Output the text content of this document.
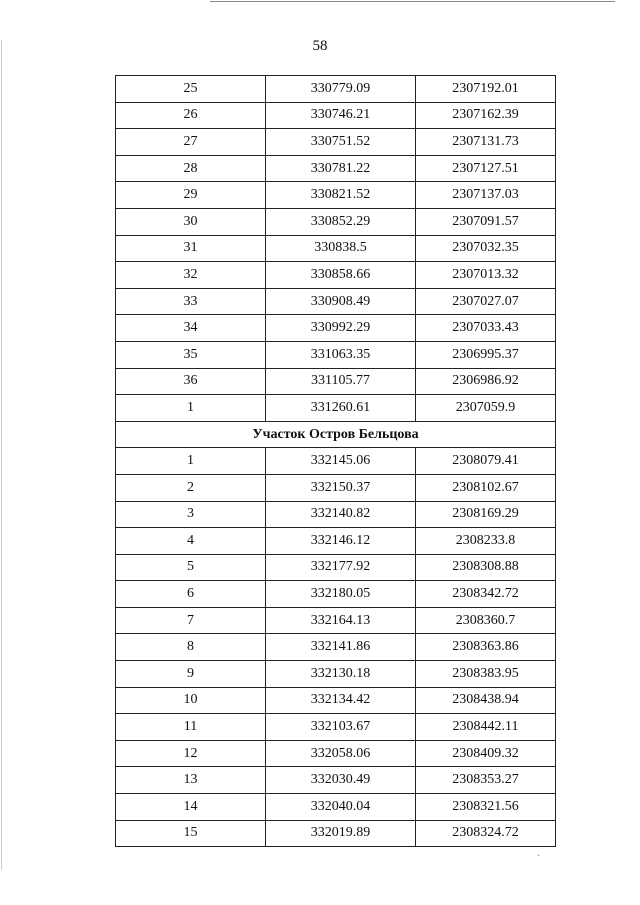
58
25	330779.09	2307192.01
26	330746.21	2307162.39
27	330751.52	2307131.73
28	330781.22	2307127.51
29	330821.52	2307137.03
30	330852.29	2307091.57
31	330838.5	2307032.35
32	330858.66	2307013.32
33	330908.49	2307027.07
34	330992.29	2307033.43
35	331063.35	2306995.37
36	331105.77	2306986.92
1	331260.61	2307059.9
Участок Остров Бельцова		
1	332145.06	2308079.41
2	332150.37	2308102.67
3	332140.82	2308169.29
4	332146.12	2308233.8
5	332177.92	2308308.88
6	332180.05	2308342.72
7	332164.13	2308360.7
8	332141.86	2308363.86
9	332130.18	2308383.95
10	332134.42	2308438.94
11	332103.67	2308442.11
12	332058.06	2308409.32
13	332030.49	2308353.27
14	332040.04	2308321.56
15	332019.89	2308324.72
·
